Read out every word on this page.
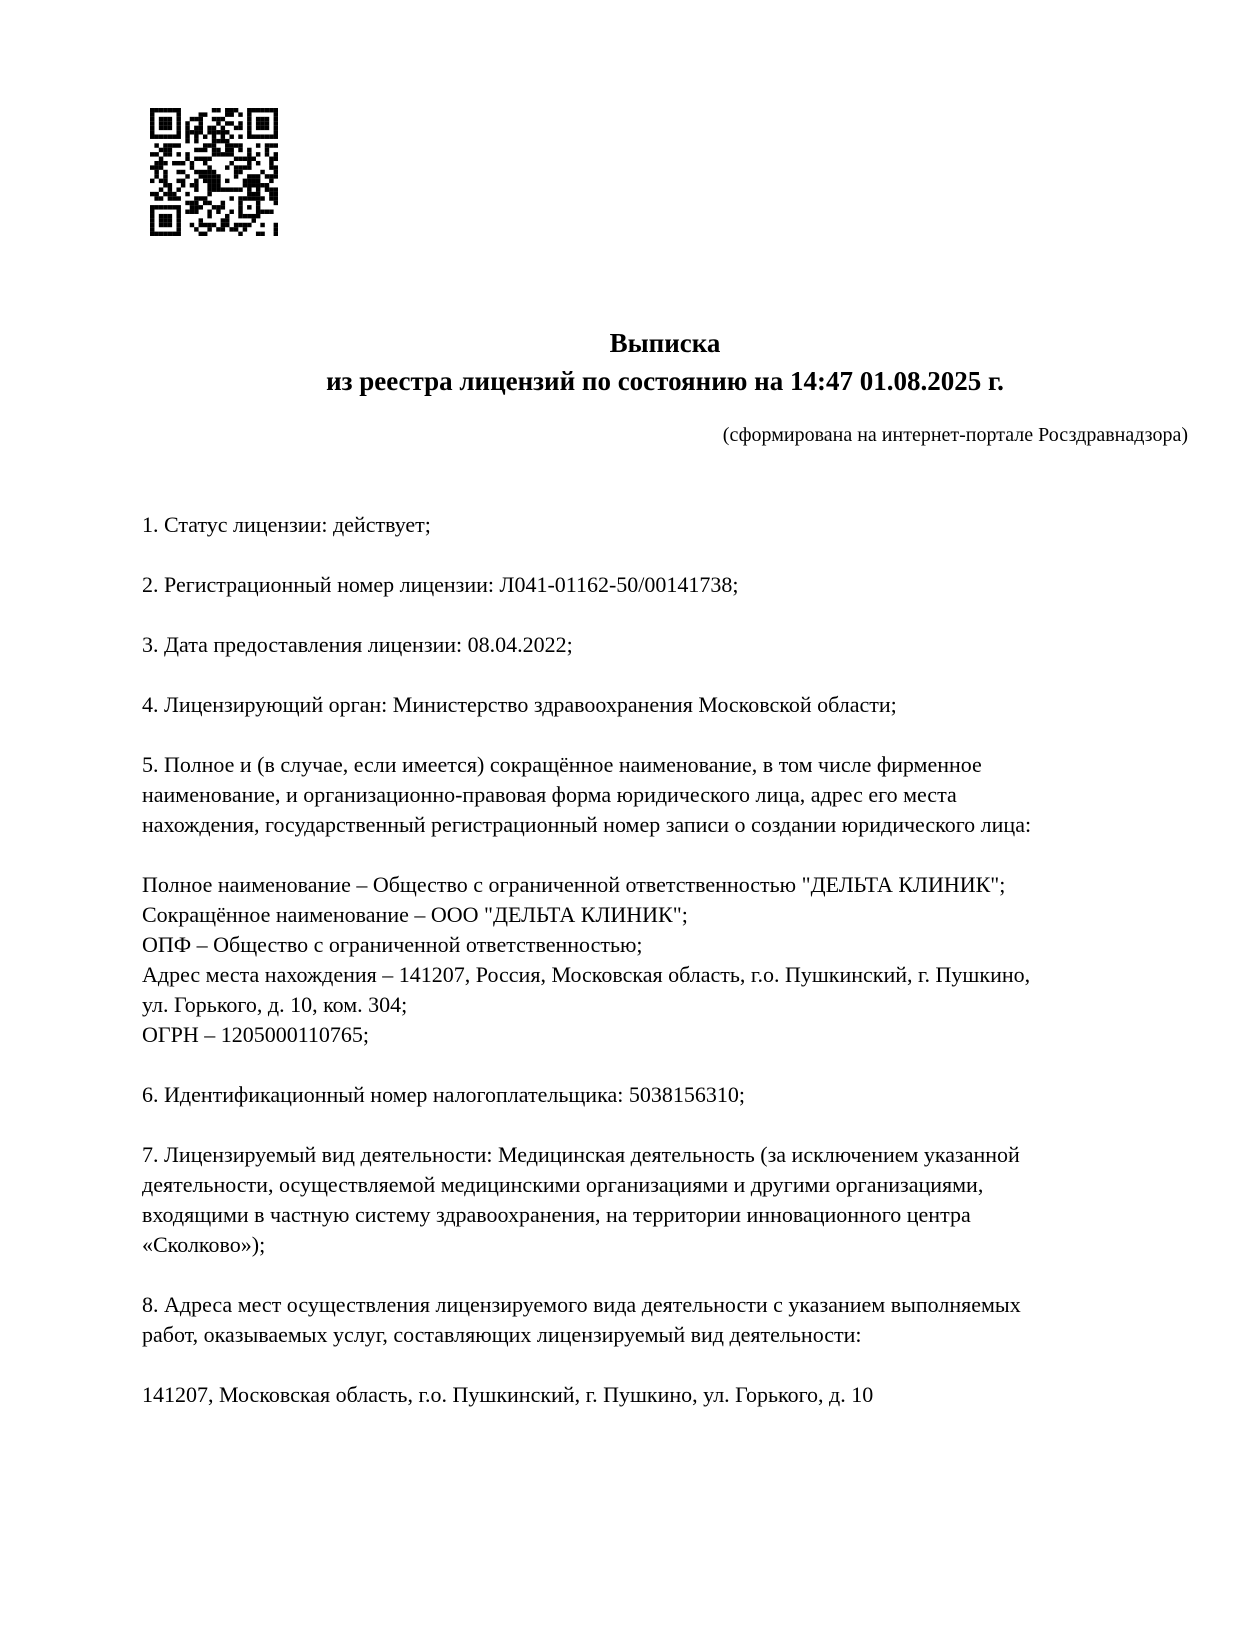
Выписка
из реестра лицензий по состоянию на 14:47 01.08.2025 г.
(сформирована на интернет-портале Росздравнадзора)
1. Статус лицензии: действует;
2. Регистрационный номер лицензии: Л041-01162-50/00141738;
3. Дата предоставления лицензии: 08.04.2022;
4. Лицензирующий орган: Министерство здравоохранения Московской области;
5. Полное и (в случае, если имеется) сокращённое наименование, в том числе фирменное
наименование, и организационно-правовая форма юридического лица, адрес его места
нахождения, государственный регистрационный номер записи о создании юридического лица:
Полное наименование – Общество с ограниченной ответственностью "ДЕЛЬТА КЛИНИК";
Сокращённое наименование – ООО "ДЕЛЬТА КЛИНИК";
ОПФ – Общество с ограниченной ответственностью;
Адрес места нахождения – 141207, Россия, Московская область, г.о. Пушкинский, г. Пушкино,
ул. Горького, д. 10, ком. 304;
ОГРН – 1205000110765;
6. Идентификационный номер налогоплательщика: 5038156310;
7. Лицензируемый вид деятельности: Медицинская деятельность (за исключением указанной
деятельности, осуществляемой медицинскими организациями и другими организациями,
входящими в частную систему здравоохранения, на территории инновационного центра
«Сколково»);
8. Адреса мест осуществления лицензируемого вида деятельности с указанием выполняемых
работ, оказываемых услуг, составляющих лицензируемый вид деятельности:
141207, Московская область, г.о. Пушкинский, г. Пушкино, ул. Горького, д. 10
